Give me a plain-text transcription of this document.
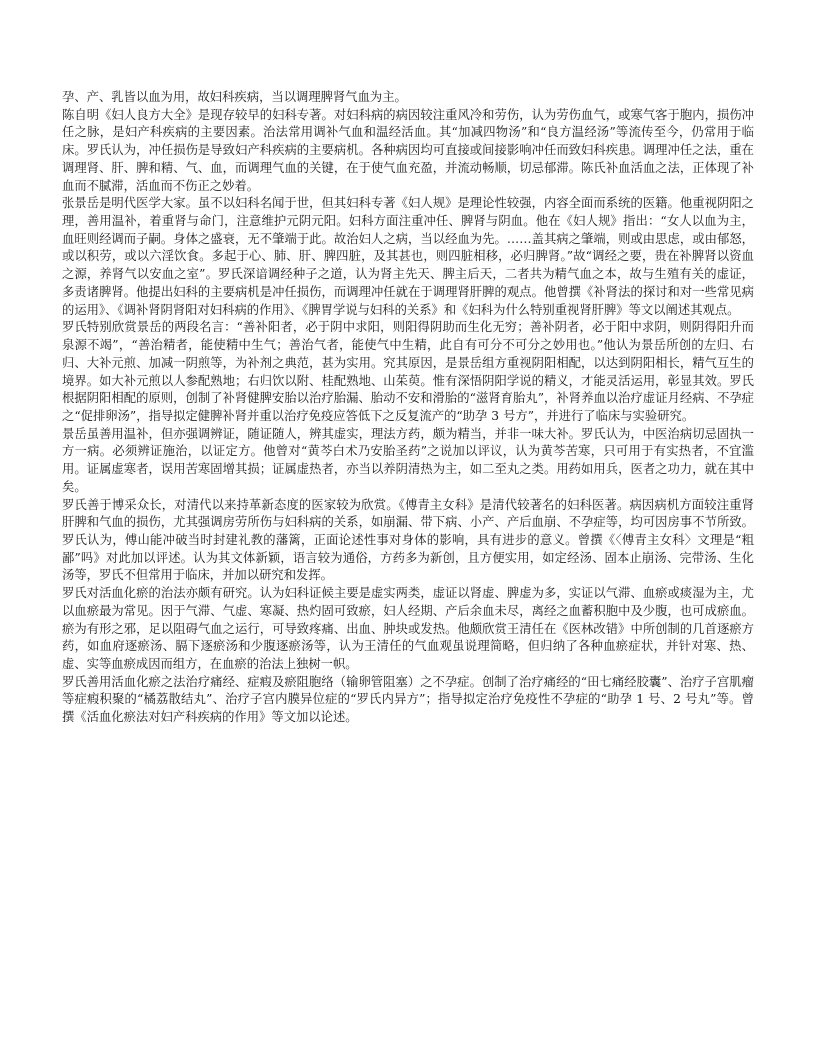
孕、产、乳皆以血为用，故妇科疾病，当以调理脾肾气血为主。

陈自明《妇人良方大全》是现存较早的妇科专著。对妇科病的病因较注重风冷和劳伤，认为劳伤血气，或寒气客于胞内，损伤冲任之脉，是妇产科疾病的主要因素。治法常用调补气血和温经活血。其“加减四物汤”和“良方温经汤”等流传至今，仍常用于临床。罗氏认为，冲任损伤是导致妇产科疾病的主要病机。各种病因均可直接或间接影响冲任而致妇科疾患。调理冲任之法，重在调理肾、肝、脾和精、气、血，而调理气血的关键，在于使气血充盈，并流动畅顺，切忌郁滞。陈氏补血活血之法，正体现了补血而不腻滞，活血而不伤正之妙着。

张景岳是明代医学大家。虽不以妇科名闻于世，但其妇科专著《妇人规》是理论性较强，内容全面而系统的医籍。他重视阴阳之理，善用温补，着重肾与命门，注意维护元阴元阳。妇科方面注重冲任、脾肾与阴血。他在《妇人规》指出：“女人以血为主，血旺则经调而子嗣。身体之盛衰，无不肇端于此。故治妇人之病，当以经血为先。……盖其病之肇端，则或由思虑，或由郁怒，或以积劳，或以六淫饮食。多起于心、肺、肝、脾四脏，及其甚也，则四脏相移，必归脾肾。”故“调经之要，贵在补脾肾以资血之源，养肾气以安血之室”。罗氏深谙调经种子之道，认为肾主先天、脾主后天，二者共为精气血之本，故与生殖有关的虚证，多责诸脾肾。他提出妇科的主要病机是冲任损伤，而调理冲任就在于调理肾肝脾的观点。他曾撰《补肾法的探讨和对一些常见病的运用》、《调补肾阴肾阳对妇科病的作用》、《脾胃学说与妇科的关系》和《妇科为什么特别重视肾肝脾》等文以阐述其观点。

罗氏特别欣赏景岳的两段名言：“善补阳者，必于阴中求阳，则阳得阴助而生化无穷；善补阴者，必于阳中求阴，则阴得阳升而泉源不竭”，“善治精者，能使精中生气；善治气者，能使气中生精，此自有可分不可分之妙用也。”他认为景岳所创的左归、右归、大补元煎、加减一阴煎等，为补剂之典范，甚为实用。究其原因，是景岳组方重视阴阳相配，以达到阴阳相长，精气互生的境界。如大补元煎以人参配熟地；右归饮以附、桂配熟地、山茱萸。惟有深悟阴阳学说的精义，才能灵活运用，彰显其效。罗氏根据阴阳相配的原则，创制了补肾健脾安胎以治疗胎漏、胎动不安和滑胎的“滋肾育胎丸”，补肾养血以治疗虚证月经病、不孕症之“促排卵汤”，指导拟定健脾补肾并重以治疗免疫应答低下之反复流产的“助孕 3 号方”，并进行了临床与实验研究。

景岳虽善用温补，但亦强调辨证，随证随人，辨其虚实，理法方药，颇为精当，并非一味大补。罗氏认为，中医治病切忌固执一方一病。必须辨证施治，以证定方。他曾对“黄芩白术乃安胎圣药”之说加以评议，认为黄芩苦寒，只可用于有实热者，不宜滥用。证属虚寒者，误用苦寒固增其损；证属虚热者，亦当以养阴清热为主，如二至丸之类。用药如用兵，医者之功力，就在其中矣。

罗氏善于博采众长，对清代以来持革新态度的医家较为欣赏。《傅青主女科》是清代较著名的妇科医著。病因病机方面较注重肾肝脾和气血的损伤，尤其强调房劳所伤与妇科病的关系，如崩漏、带下病、小产、产后血崩、不孕症等，均可因房事不节所致。罗氏认为，傅山能冲破当时封建礼教的藩篱，正面论述性事对身体的影响，具有进步的意义。曾撰《〈傅青主女科〉文理是“粗鄙”吗》对此加以评述。认为其文体新颖，语言较为通俗，方药多为新创，且方便实用，如定经汤、固本止崩汤、完带汤、生化汤等，罗氏不但常用于临床，并加以研究和发挥。

罗氏对活血化瘀的治法亦颇有研究。认为妇科证候主要是虚实两类，虚证以肾虚、脾虚为多，实证以气滞、血瘀或痰湿为主，尤以血瘀最为常见。因于气滞、气虚、寒凝、热灼固可致瘀，妇人经期、产后余血未尽，离经之血蓄积胞中及少腹，也可成瘀血。瘀为有形之邪，足以阻碍气血之运行，可导致疼痛、出血、肿块或发热。他颇欣赏王清任在《医林改错》中所创制的几首逐瘀方药，如血府逐瘀汤、膈下逐瘀汤和少腹逐瘀汤等，认为王清任的气血观虽说理简略，但归纳了各种血瘀症状，并针对寒、热、虚、实等血瘀成因而组方，在血瘀的治法上独树一帜。

罗氏善用活血化瘀之法治疗痛经、症瘕及瘀阻胞络（输卵管阻塞）之不孕症。创制了治疗痛经的“田七痛经胶囊”、治疗子宫肌瘤等症瘕积聚的“橘荔散结丸”、治疗子宫内膜异位症的“罗氏内异方”；指导拟定治疗免疫性不孕症的“助孕 1 号、2 号丸”等。曾撰《活血化瘀法对妇产科疾病的作用》等文加以论述。
